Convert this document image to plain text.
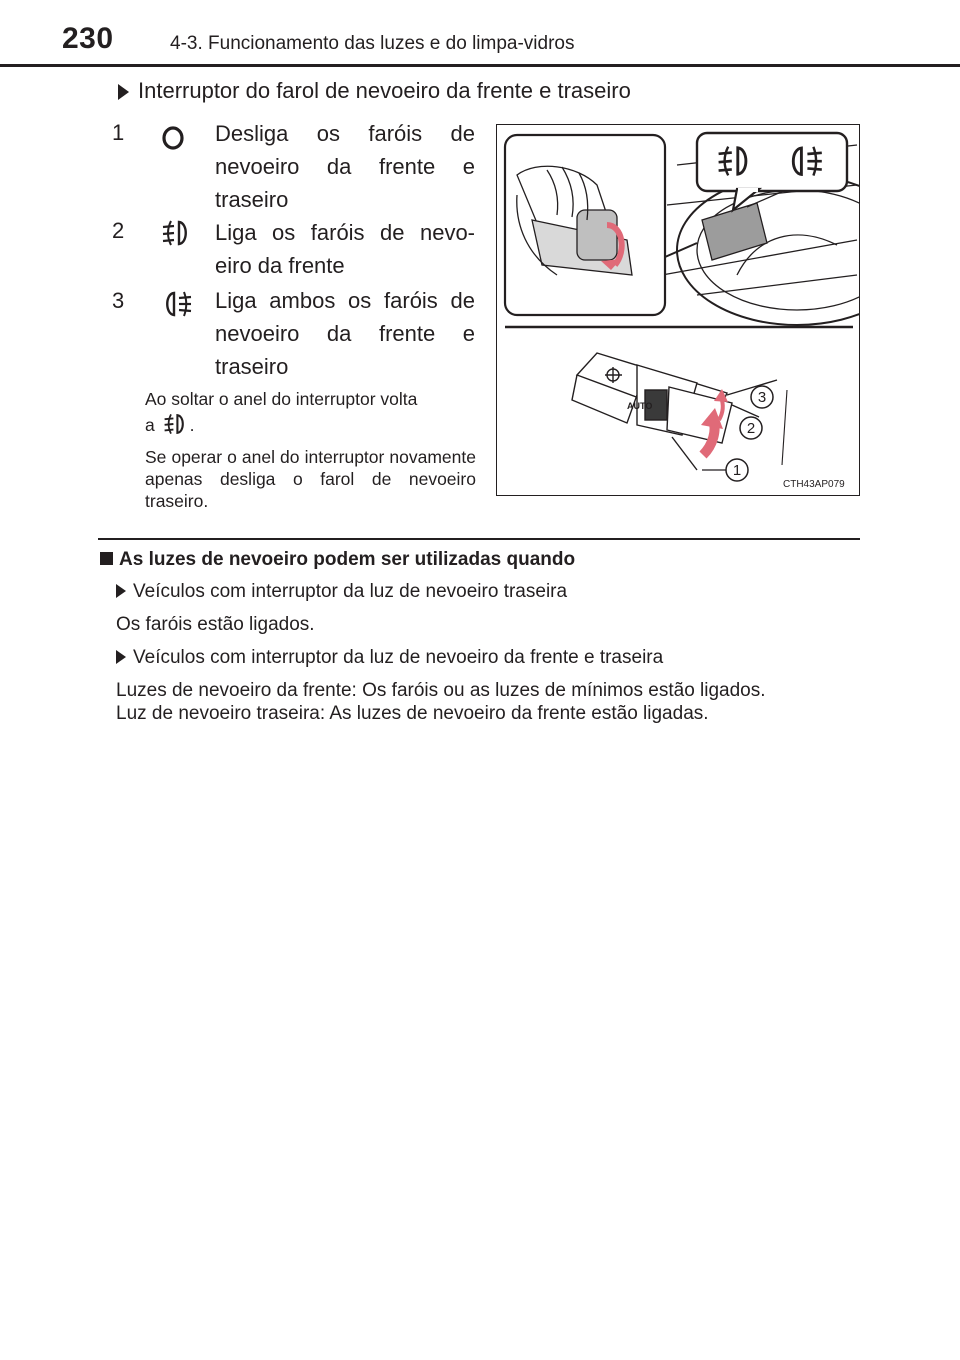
230	4-3. Funcionamento das luzes e do limpa-vidros
Interruptor do farol de nevoeiro da frente e traseiro
1	Desliga os faróis de
nevoeiro da frente e
traseiro
2	Liga os faróis de nevo-
eiro da frente
3	Liga ambos os faróis de
nevoeiro da frente e
traseiro
Ao soltar o anel do interruptor volta
a .
Se operar o anel do interruptor novamente apenas desliga o farol de nevoeiro traseiro.
AUTO	3
2
1
CTH43AP079
As luzes de nevoeiro podem ser utilizadas quando
Veículos com interruptor da luz de nevoeiro traseira
Os faróis estão ligados.
Veículos com interruptor da luz de nevoeiro da frente e traseira
Luzes de nevoeiro da frente: Os faróis ou as luzes de mínimos estão ligados.
Luz de nevoeiro traseira: As luzes de nevoeiro da frente estão ligadas.
